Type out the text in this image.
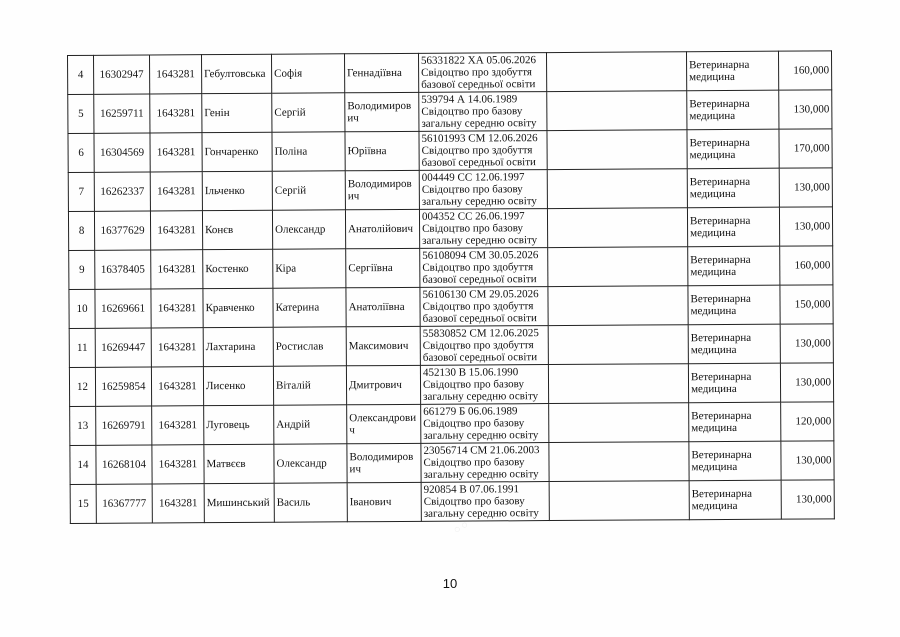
4	16302947	1643281	Гебултовська	Софія	Геннадіївна	56331822 ХА 05.06.2026
Свідоцтво про здобуття
базової середньої освіти		Ветеринарна медицина	160,000
5	16259711	1643281	Генін	Сергій	Володимирович	539794 А 14.06.1989
Свідоцтво про базову
загальну середню освіту		Ветеринарна медицина	130,000
6	16304569	1643281	Гончаренко	Поліна	Юріївна	56101993 СМ 12.06.2026
Свідоцтво про здобуття
базової середньої освіти		Ветеринарна медицина	170,000
7	16262337	1643281	Ільченко	Сергій	Володимирович	004449 СС 12.06.1997
Свідоцтво про базову
загальну середню освіту		Ветеринарна медицина	130,000
8	16377629	1643281	Конєв	Олександр	Анатолійович	004352 СС 26.06.1997
Свідоцтво про базову
загальну середню освіту		Ветеринарна медицина	130,000
9	16378405	1643281	Костенко	Кіра	Сергіївна	56108094 СМ 30.05.2026
Свідоцтво про здобуття
базової середньої освіти		Ветеринарна медицина	160,000
10	16269661	1643281	Кравченко	Катерина	Анатоліївна	56106130 СМ 29.05.2026
Свідоцтво про здобуття
базової середньої освіти		Ветеринарна медицина	150,000
11	16269447	1643281	Лахтарина	Ростислав	Максимович	55830852 СМ 12.06.2025
Свідоцтво про здобуття
базової середньої освіти		Ветеринарна медицина	130,000
12	16259854	1643281	Лисенко	Віталій	Дмитрович	452130 В 15.06.1990
Свідоцтво про базову
загальну середню освіту		Ветеринарна медицина	130,000
13	16269791	1643281	Луговець	Андрій	Олександрович	661279 Б 06.06.1989
Свідоцтво про базову
загальну середню освіту		Ветеринарна медицина	120,000
14	16268104	1643281	Матвєєв	Олександр	Володимирович	23056714 СМ 21.06.2003
Свідоцтво про базову
загальну середню освіту		Ветеринарна медицина	130,000
15	16367777	1643281	Мишинський	Василь	Іванович	920854 В 07.06.1991
Свідоцтво про базову
загальну середню освіту		Ветеринарна медицина	130,000
◌ ◌
10
